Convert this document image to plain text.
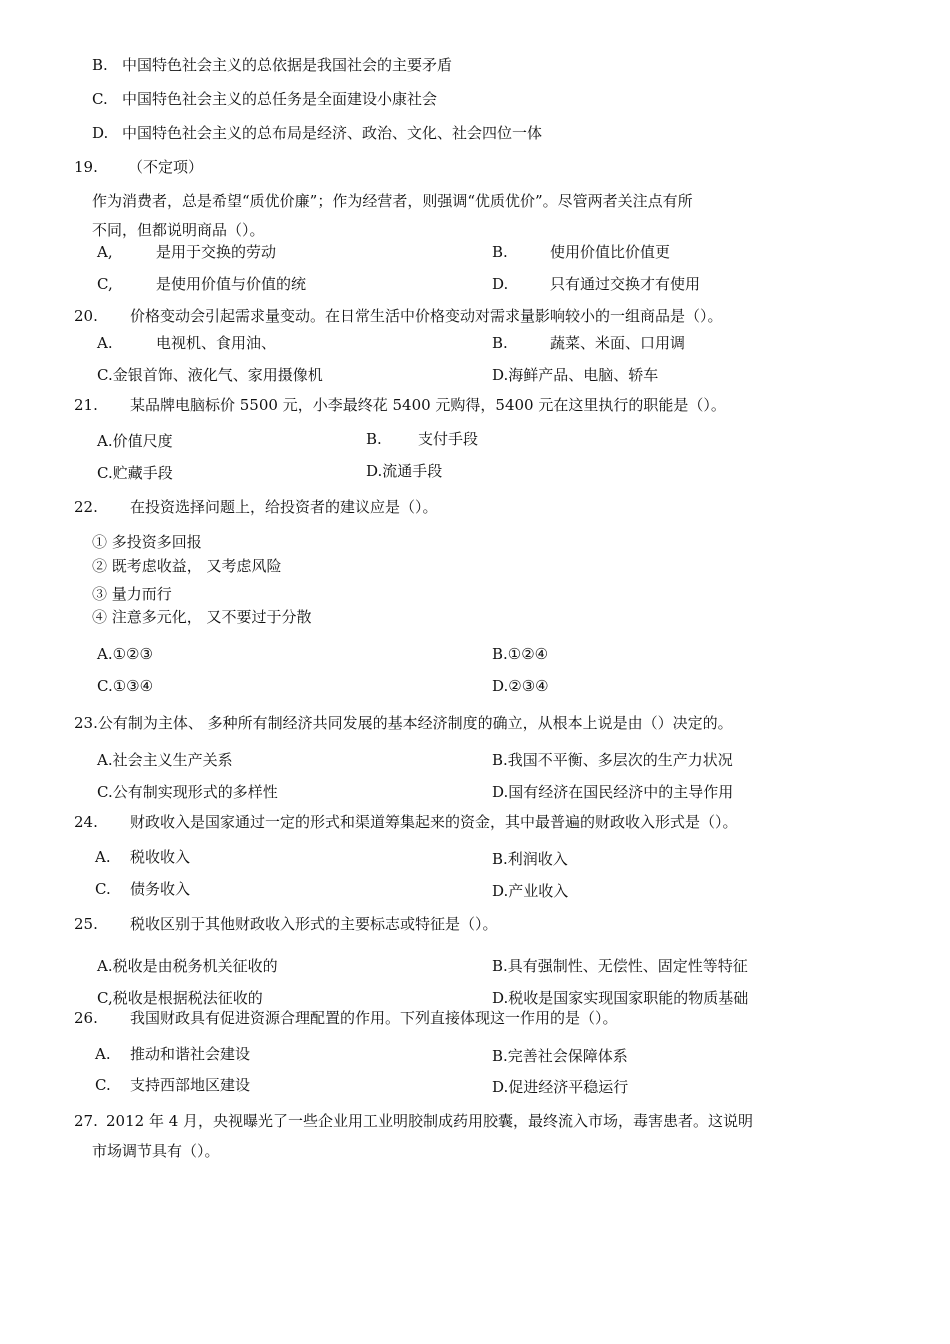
B. 中国特色社会主义的总依据是我国社会的主要矛盾
C. 中国特色社会主义的总任务是全面建设小康社会
D. 中国特色社会主义的总布局是经济、政治、文化、社会四位一体
19. （不定项）
作为消费者，总是希望“质优价廉”；作为经营者，则强调“优质优价”。尽管两者关注点有所
不同，但都说明商品（）。
A,	是用于交换的劳动	B.	使用价值比价值更
C,	是使用价值与价值的统	D.	只有通过交换才有使用
20. 价格变动会引起需求量变动。在日常生活中价格变动对需求量影响较小的一组商品是（）。
A.	电视机、食用油、	B.	蔬菜、米面、口用调
C.金银首饰、液化气、家用摄像机	D.海鲜产品、电脑、轿车
21. 某品牌电脑标价 5500 元，小李最终花 5400 元购得，5400 元在这里执行的职能是（）。
A.价值尺度	B. 支付手段
C.贮藏手段	D.流通手段
22. 在投资选择问题上，给投资者的建议应是（）。
① 多投资多回报
② 既考虑收益， 又考虑风险
③ 量力而行
④ 注意多元化， 又不要过于分散
A.①②③	B.①②④
C.①③④	D.②③④
23.公有制为主体、 多种所有制经济共同发展的基本经济制度的确立，从根本上说是由（）决定的。
A.社会主义生产关系	B.我国不平衡、多层次的生产力状况
C.公有制实现形式的多样性	D.国有经济在国民经济中的主导作用
24. 财政收入是国家通过一定的形式和渠道筹集起来的资金，其中最普遍的财政收入形式是（）。
A. 税收收入	B.利润收入
C. 债务收入	D.产业收入
25. 税收区别于其他财政收入形式的主要标志或特征是（）。
A.税收是由税务机关征收的	B.具有强制性、无偿性、固定性等特征
C,税收是根据税法征收的	D.税收是国家实现国家职能的物质基础
26. 我国财政具有促进资源合理配置的作用。下列直接体现这一作用的是（）。
A. 推动和谐社会建设	B.完善社会保障体系
C. 支持西部地区建设	D.促进经济平稳运行
27. 2012 年 4 月，央视曝光了一些企业用工业明胶制成药用胶囊，最终流入市场，毒害患者。这说明
市场调节具有（）。
